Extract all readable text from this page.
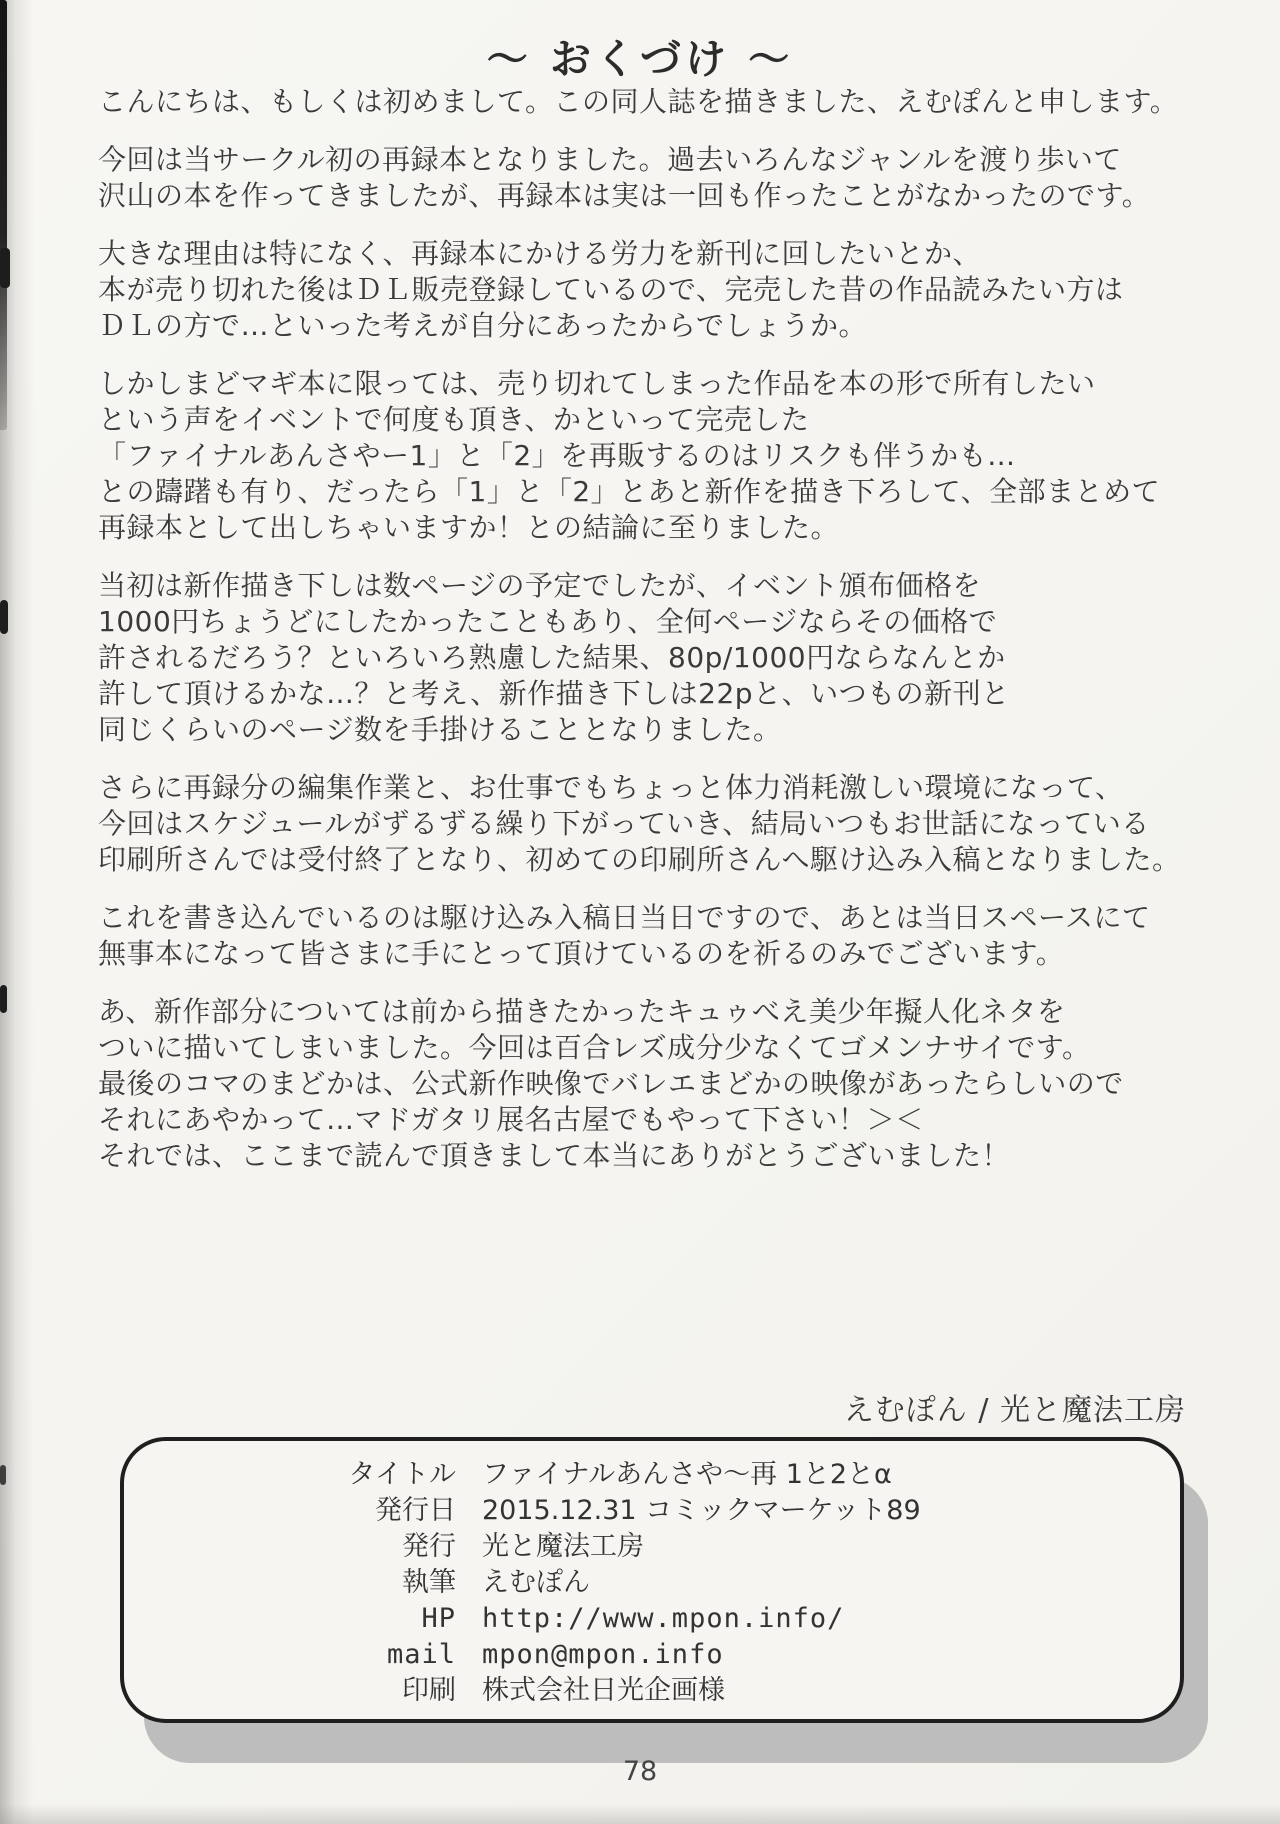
～ おくづけ ～
こんにちは、もしくは初めまして。この同人誌を描きました、えむぽんと申します。
今回は当サークル初の再録本となりました。過去いろんなジャンルを渡り歩いて
沢山の本を作ってきましたが、再録本は実は一回も作ったことがなかったのです。
大きな理由は特になく、再録本にかける労力を新刊に回したいとか、
本が売り切れた後はＤＬ販売登録しているので、完売した昔の作品読みたい方は
ＤＬの方で…といった考えが自分にあったからでしょうか。
しかしまどマギ本に限っては、売り切れてしまった作品を本の形で所有したい
という声をイベントで何度も頂き、かといって完売した
「ファイナルあんさやー1」と「2」を再販するのはリスクも伴うかも…
との躊躇も有り、だったら「1」と「2」とあと新作を描き下ろして、全部まとめて
再録本として出しちゃいますか！との結論に至りました。
当初は新作描き下しは数ページの予定でしたが、イベント頒布価格を
1000円ちょうどにしたかったこともあり、全何ページならその価格で
許されるだろう？といろいろ熟慮した結果、80p/1000円ならなんとか
許して頂けるかな…？と考え、新作描き下しは22pと、いつもの新刊と
同じくらいのページ数を手掛けることとなりました。
さらに再録分の編集作業と、お仕事でもちょっと体力消耗激しい環境になって、
今回はスケジュールがずるずる繰り下がっていき、結局いつもお世話になっている
印刷所さんでは受付終了となり、初めての印刷所さんへ駆け込み入稿となりました。
これを書き込んでいるのは駆け込み入稿日当日ですので、あとは当日スペースにて
無事本になって皆さまに手にとって頂けているのを祈るのみでございます。
あ、新作部分については前から描きたかったキュゥべえ美少年擬人化ネタを
ついに描いてしまいました。今回は百合レズ成分少なくてゴメンナサイです。
最後のコマのまどかは、公式新作映像でバレエまどかの映像があったらしいので
それにあやかって…マドガタリ展名古屋でもやって下さい！＞＜
それでは、ここまで読んで頂きまして本当にありがとうございました！
えむぽん / 光と魔法工房
タイトル ファイナルあんさや～再 1と2とα
発行日 2015.12.31 コミックマーケット89
発行 光と魔法工房
執筆 えむぽん
HP http://www.mpon.info/
mail mpon@mpon.info
印刷 株式会社日光企画様
78
